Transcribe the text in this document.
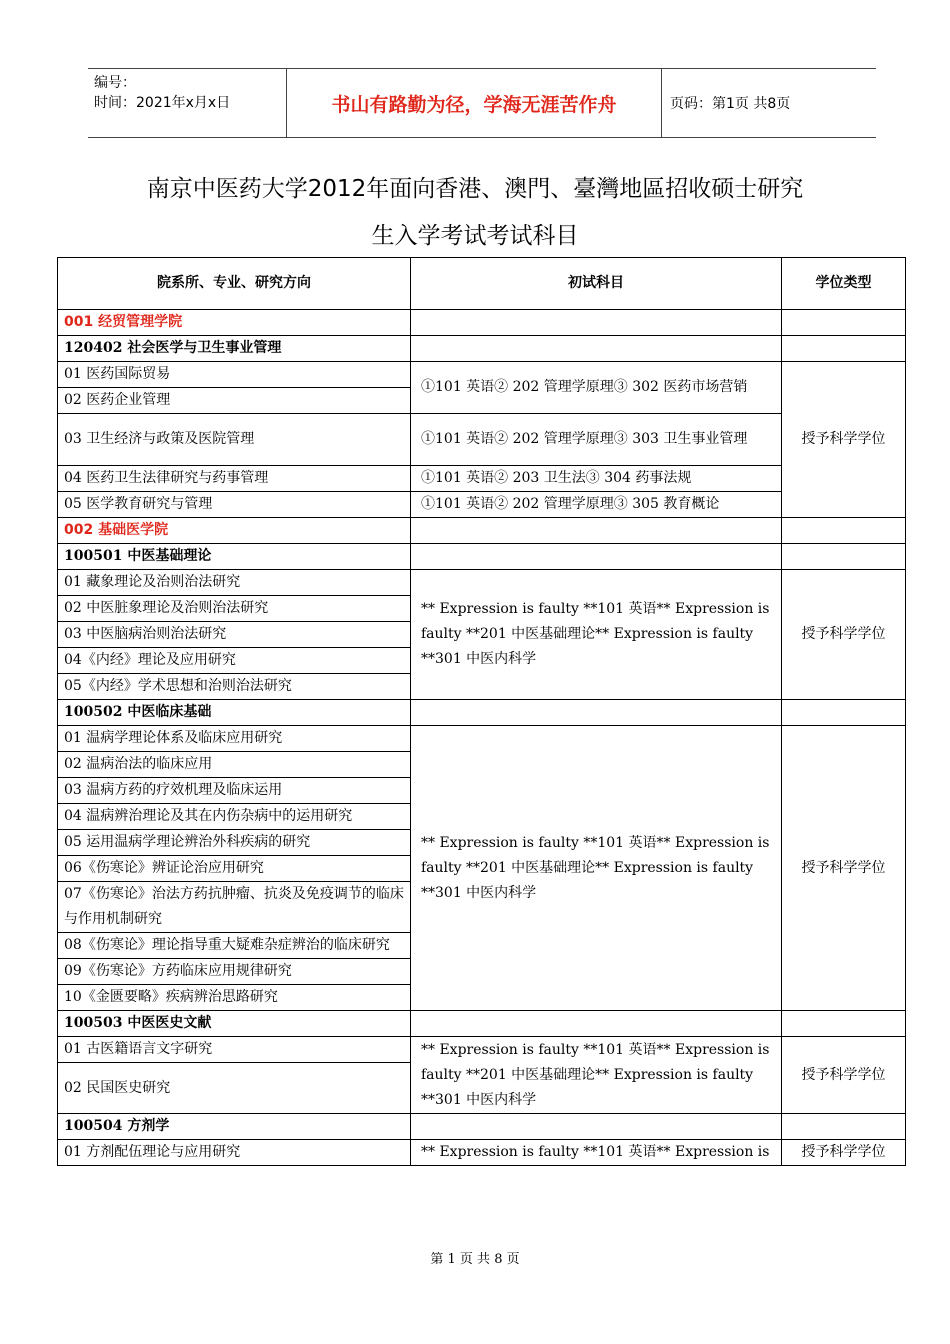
编号：
时间：2021年x月x日	书山有路勤为径，学海无涯苦作舟	页码：第1页 共8页
南京中医药大学2012年面向香港、澳門、臺灣地區招收硕士研究
生入学考试考试科目
院系所、专业、研究方向	初试科目	学位类型
001 经贸管理学院		
120402 社会医学与卫生事业管理		
01 医药国际贸易	①101 英语② 202 管理学原理③ 302 医药市场营销	授予科学学位
02 医药企业管理		
03 卫生经济与政策及医院管理	①101 英语② 202 管理学原理③ 303 卫生事业管理	
04 医药卫生法律研究与药事管理	①101 英语② 203 卫生法③ 304 药事法规	
05 医学教育研究与管理	①101 英语② 202 管理学原理③ 305 教育概论	
002 基础医学院		
100501 中医基础理论		
01 藏象理论及治则治法研究	** Expression is faulty **101 英语** Expression is faulty **201 中医基础理论** Expression is faulty **301 中医内科学	授予科学学位
02 中医脏象理论及治则治法研究		
03 中医脑病治则治法研究		
04《内经》理论及应用研究		
05《内经》学术思想和治则治法研究		
100502 中医临床基础		
01 温病学理论体系及临床应用研究	** Expression is faulty **101 英语** Expression is faulty **201 中医基础理论** Expression is faulty **301 中医内科学	授予科学学位
02 温病治法的临床应用		
03 温病方药的疗效机理及临床运用		
04 温病辨治理论及其在内伤杂病中的运用研究		
05 运用温病学理论辨治外科疾病的研究		
06《伤寒论》辨证论治应用研究		
07《伤寒论》治法方药抗肿瘤、抗炎及免疫调节的临床与作用机制研究		
08《伤寒论》理论指导重大疑难杂症辨治的临床研究		
09《伤寒论》方药临床应用规律研究		
10《金匮要略》疾病辨治思路研究		
100503 中医医史文献		
01 古医籍语言文字研究	** Expression is faulty **101 英语** Expression is faulty **201 中医基础理论** Expression is faulty **301 中医内科学	授予科学学位
02 民国医史研究		
100504 方剂学		
01 方剂配伍理论与应用研究	** Expression is faulty **101 英语** Expression is	授予科学学位
第 1 页 共 8 页
